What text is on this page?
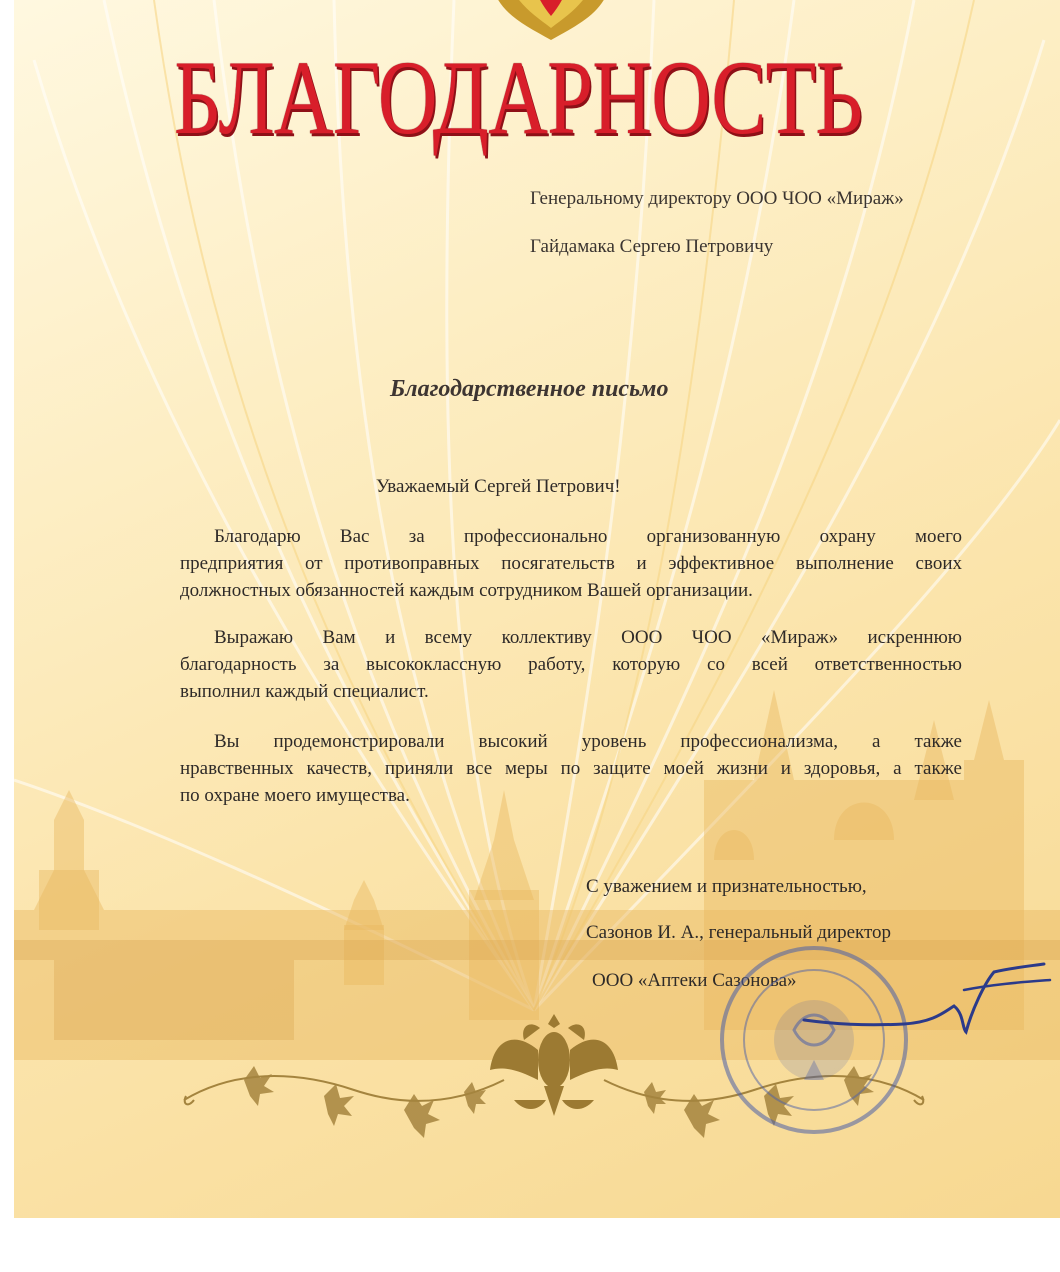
БЛАГОДАРНОСТЬ
Генеральному директору ООО ЧОО «Мираж»
Гайдамака Сергею Петровичу
Благодарственное письмо
Уважаемый Сергей Петрович!
Благодарю Вас за профессионально организованную охрану моего
предприятия от противоправных посягательств и эффективное выполнение своих
должностных обязанностей каждым сотрудником Вашей организации.
Выражаю Вам и всему коллективу ООО ЧОО «Мираж» искреннюю
благодарность за высококлассную работу, которую со всей ответственностью
выполнил каждый специалист.
Вы продемонстрировали высокий уровень профессионализма, а также
нравственных качеств, приняли все меры по защите моей жизни и здоровья, а также
по охране моего имущества.
С уважением и признательностью,
Сазонов И. А., генеральный директор
ООО «Аптеки Сазонова»
